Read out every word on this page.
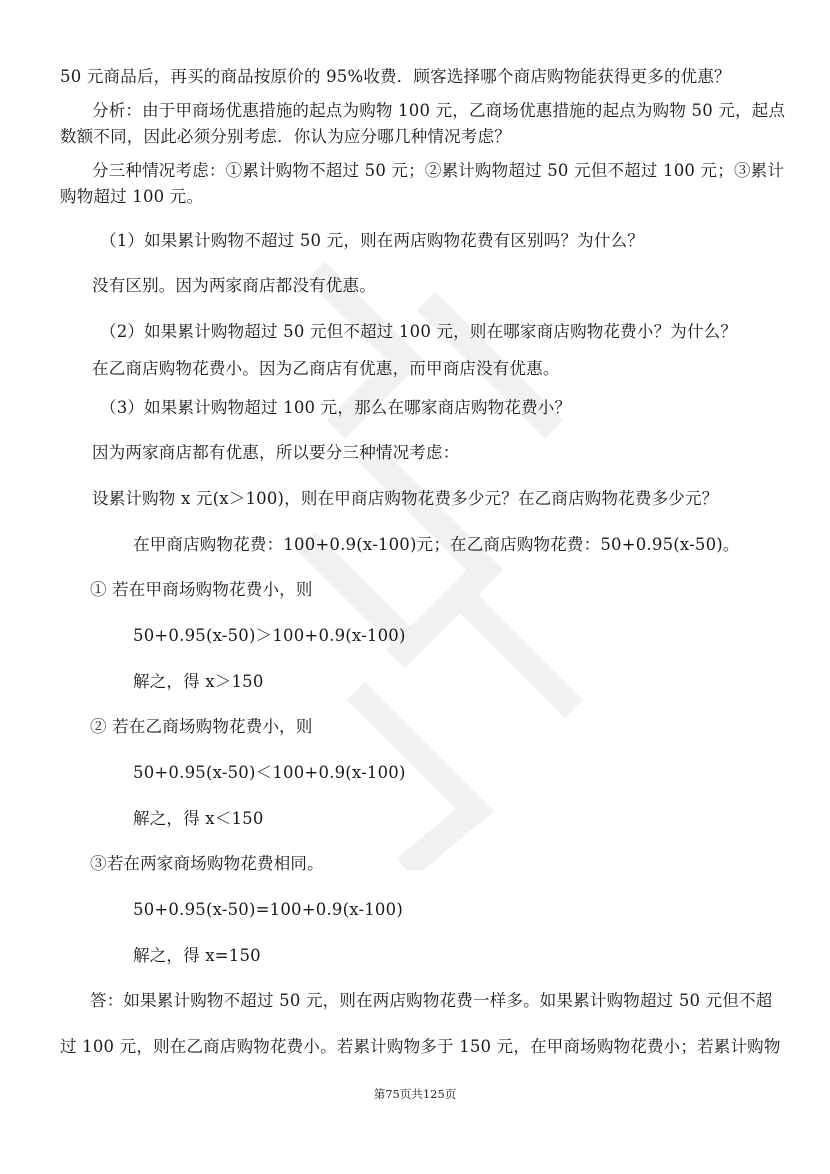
50 元商品后，再买的商品按原价的 95%收费．顾客选择哪个商店购物能获得更多的优惠？

分析：由于甲商场优惠措施的起点为购物 100 元，乙商场优惠措施的起点为购物 50 元，起点

数额不同，因此必须分别考虑．你认为应分哪几种情况考虑？

分三种情况考虑：①累计购物不超过 50 元；②累计购物超过 50 元但不超过 100 元；③累计

购物超过 100 元。

（1）如果累计购物不超过 50 元，则在两店购物花费有区别吗？为什么？

没有区别。因为两家商店都没有优惠。

（2）如果累计购物超过 50 元但不超过 100 元，则在哪家商店购物花费小？为什么？

在乙商店购物花费小。因为乙商店有优惠，而甲商店没有优惠。

（3）如果累计购物超过 100 元，那么在哪家商店购物花费小？

因为两家商店都有优惠，所以要分三种情况考虑：

设累计购物 x 元(x＞100)，则在甲商店购物花费多少元？在乙商店购物花费多少元？

在甲商店购物花费：100+0.9(x-100)元；在乙商店购物花费：50+0.95(x-50)。

① 若在甲商场购物花费小，则

50+0.95(x-50)＞100+0.9(x-100)

解之，得 x＞150

② 若在乙商场购物花费小，则

50+0.95(x-50)＜100+0.9(x-100)

解之，得 x＜150

③若在两家商场购物花费相同。

50+0.95(x-50)=100+0.9(x-100)

解之，得 x=150

答：如果累计购物不超过 50 元，则在两店购物花费一样多。如果累计购物超过 50 元但不超

过 100 元，则在乙商店购物花费小。若累计购物多于 150 元，在甲商场购物花费小；若累计购物

第75页共125页
